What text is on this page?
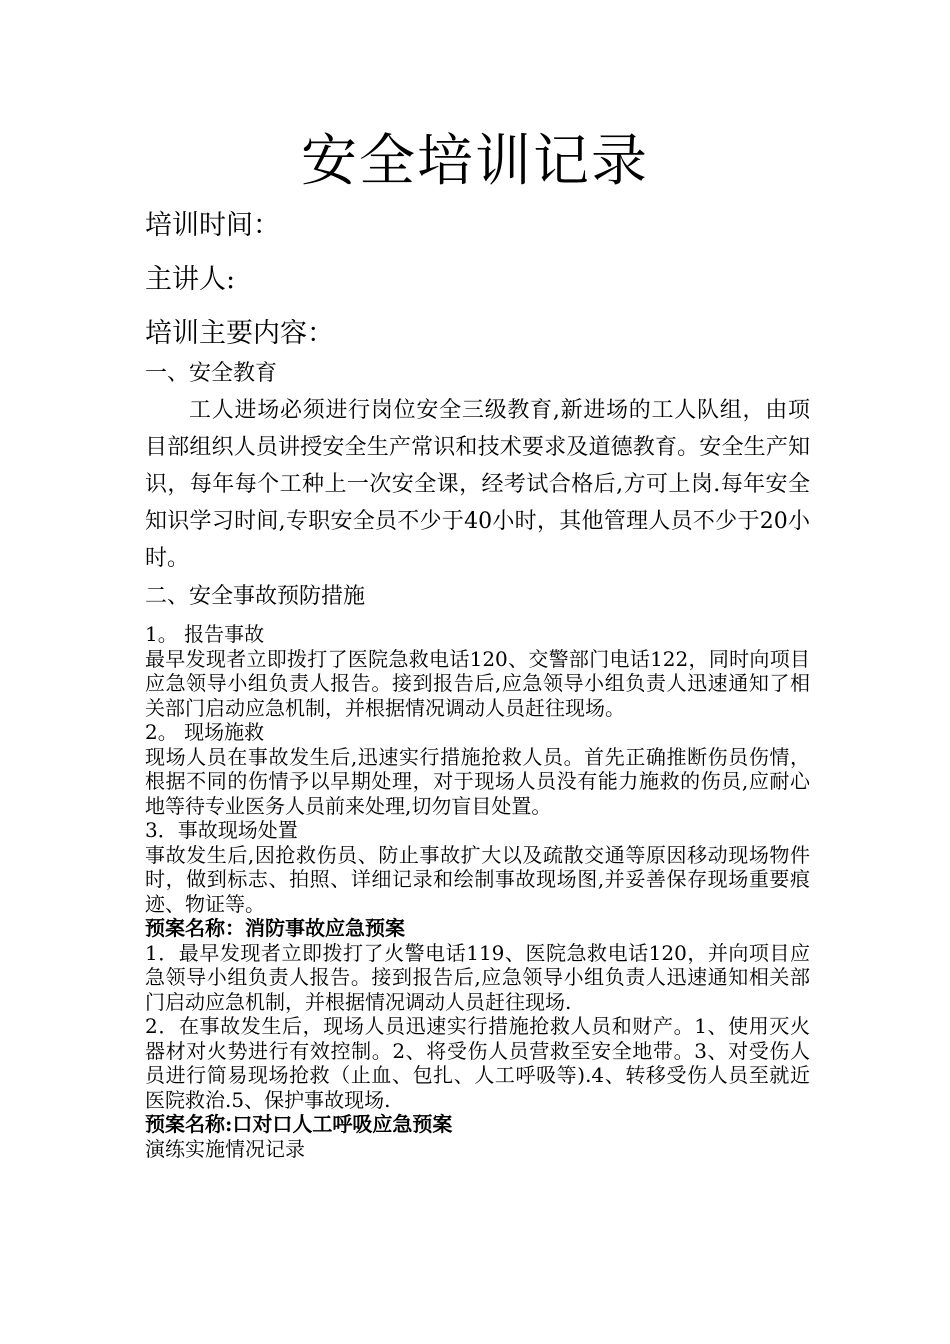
安全培训记录
培训时间：
主讲人:
培训主要内容：
一、安全教育
工人进场必须进行岗位安全三级教育,新进场的工人队组，由项目部组织人员讲授安全生产常识和技术要求及道德教育。安全生产知识，每年每个工种上一次安全课，经考试合格后,方可上岗.每年安全知识学习时间,专职安全员不少于40小时，其他管理人员不少于20小时。
二、安全事故预防措施
1。 报告事故
最早发现者立即拨打了医院急救电话120、交警部门电话122，同时向项目应急领导小组负责人报告。接到报告后,应急领导小组负责人迅速通知了相关部门启动应急机制，并根据情况调动人员赶往现场。
2。 现场施救
现场人员在事故发生后,迅速实行措施抢救人员。首先正确推断伤员伤情，根据不同的伤情予以早期处理，对于现场人员没有能力施救的伤员,应耐心地等待专业医务人员前来处理,切勿盲目处置。
3．事故现场处置
事故发生后,因抢救伤员、防止事故扩大以及疏散交通等原因移动现场物件时，做到标志、拍照、详细记录和绘制事故现场图,并妥善保存现场重要痕迹、物证等。
预案名称：消防事故应急预案
1．最早发现者立即拨打了火警电话119、医院急救电话120，并向项目应急领导小组负责人报告。接到报告后,应急领导小组负责人迅速通知相关部门启动应急机制，并根据情况调动人员赶往现场.
2．在事故发生后，现场人员迅速实行措施抢救人员和财产。1、使用灭火器材对火势进行有效控制。2、将受伤人员营救至安全地带。3、对受伤人员进行简易现场抢救（止血、包扎、人工呼吸等).4、转移受伤人员至就近医院救治.5、保护事故现场.
预案名称:口对口人工呼吸应急预案
演练实施情况记录
